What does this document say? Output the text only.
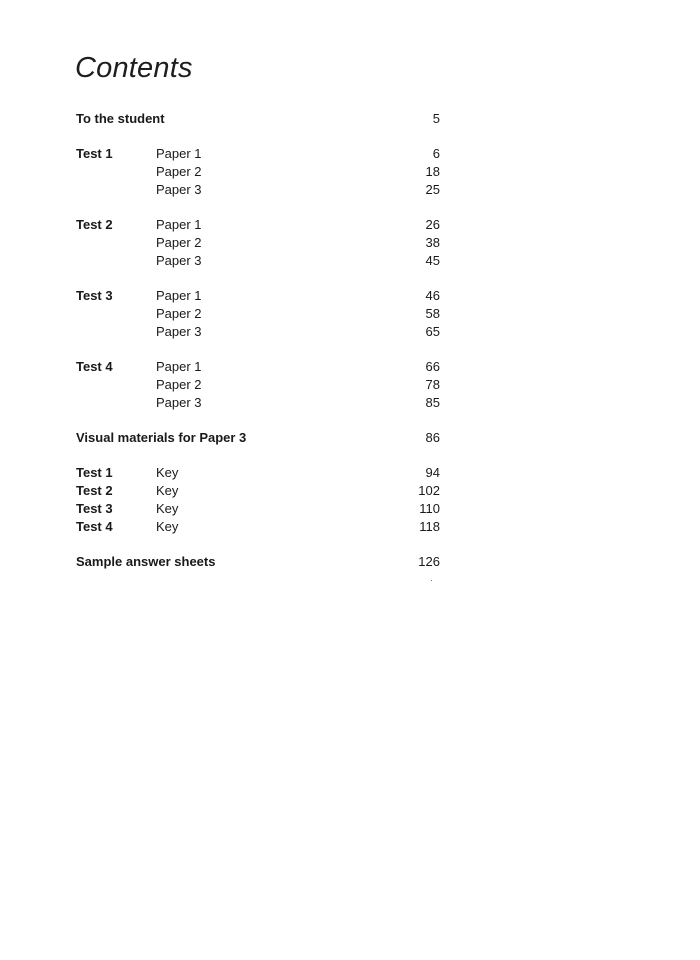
Contents
To the student	5
Test 1	Paper 1	6
Paper 2	18
Paper 3	25
Test 2	Paper 1	26
Paper 2	38
Paper 3	45
Test 3	Paper 1	46
Paper 2	58
Paper 3	65
Test 4	Paper 1	66
Paper 2	78
Paper 3	85
Visual materials for Paper 3	86
Test 1	Key	94
Test 2	Key	102
Test 3	Key	110
Test 4	Key	118
Sample answer sheets	126
